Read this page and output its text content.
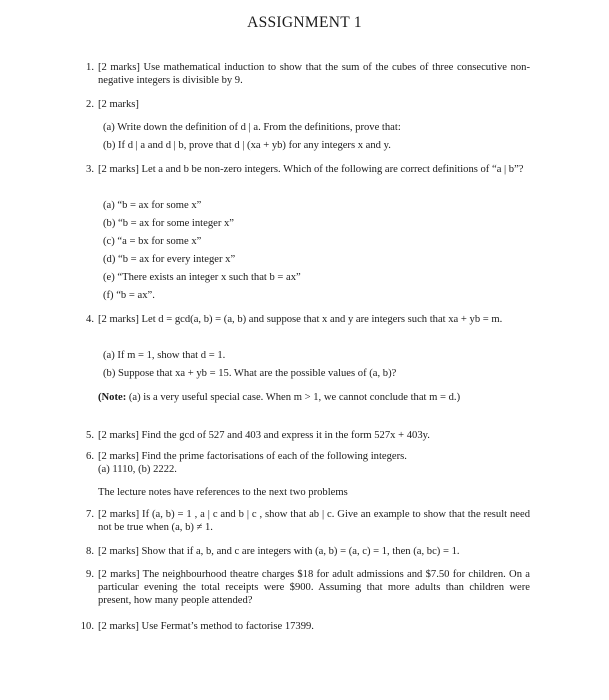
ASSIGNMENT 1
1. [2 marks] Use mathematical induction to show that the sum of the cubes of three consecutive non-negative integers is divisible by 9.
2. [2 marks]
(a) Write down the definition of d | a. From the definitions, prove that:
(b) If d | a and d | b, prove that d | (xa + yb) for any integers x and y.
3. [2 marks] Let a and b be non-zero integers. Which of the following are correct definitions of “a | b”?
(a) “b = ax for some x”
(b) “b = ax for some integer x”
(c) “a = bx for some x”
(d) “b = ax for every integer x”
(e) “There exists an integer x such that b = ax”
(f) “b = ax”.
4. [2 marks] Let d = gcd(a, b) = (a, b) and suppose that x and y are integers such that xa + yb = m.
(a) If m = 1, show that d = 1.
(b) Suppose that xa + yb = 15. What are the possible values of (a, b)?
(Note: (a) is a very useful special case. When m > 1, we cannot conclude that m = d.)
5. [2 marks] Find the gcd of 527 and 403 and express it in the form 527x + 403y.
6. [2 marks] Find the prime factorisations of each of the following integers.
(a) 1110, (b) 2222.
The lecture notes have references to the next two problems
7. [2 marks] If (a, b) = 1 , a | c and b | c , show that ab | c. Give an example to show that the result need not be true when (a, b) ≠ 1.
8. [2 marks] Show that if a, b, and c are integers with (a, b) = (a, c) = 1, then (a, bc) = 1.
9. [2 marks] The neighbourhood theatre charges $18 for adult admissions and $7.50 for children. On a particular evening the total receipts were $900. Assuming that more adults than children were present, how many people attended?
10. [2 marks] Use Fermat’s method to factorise 17399.
